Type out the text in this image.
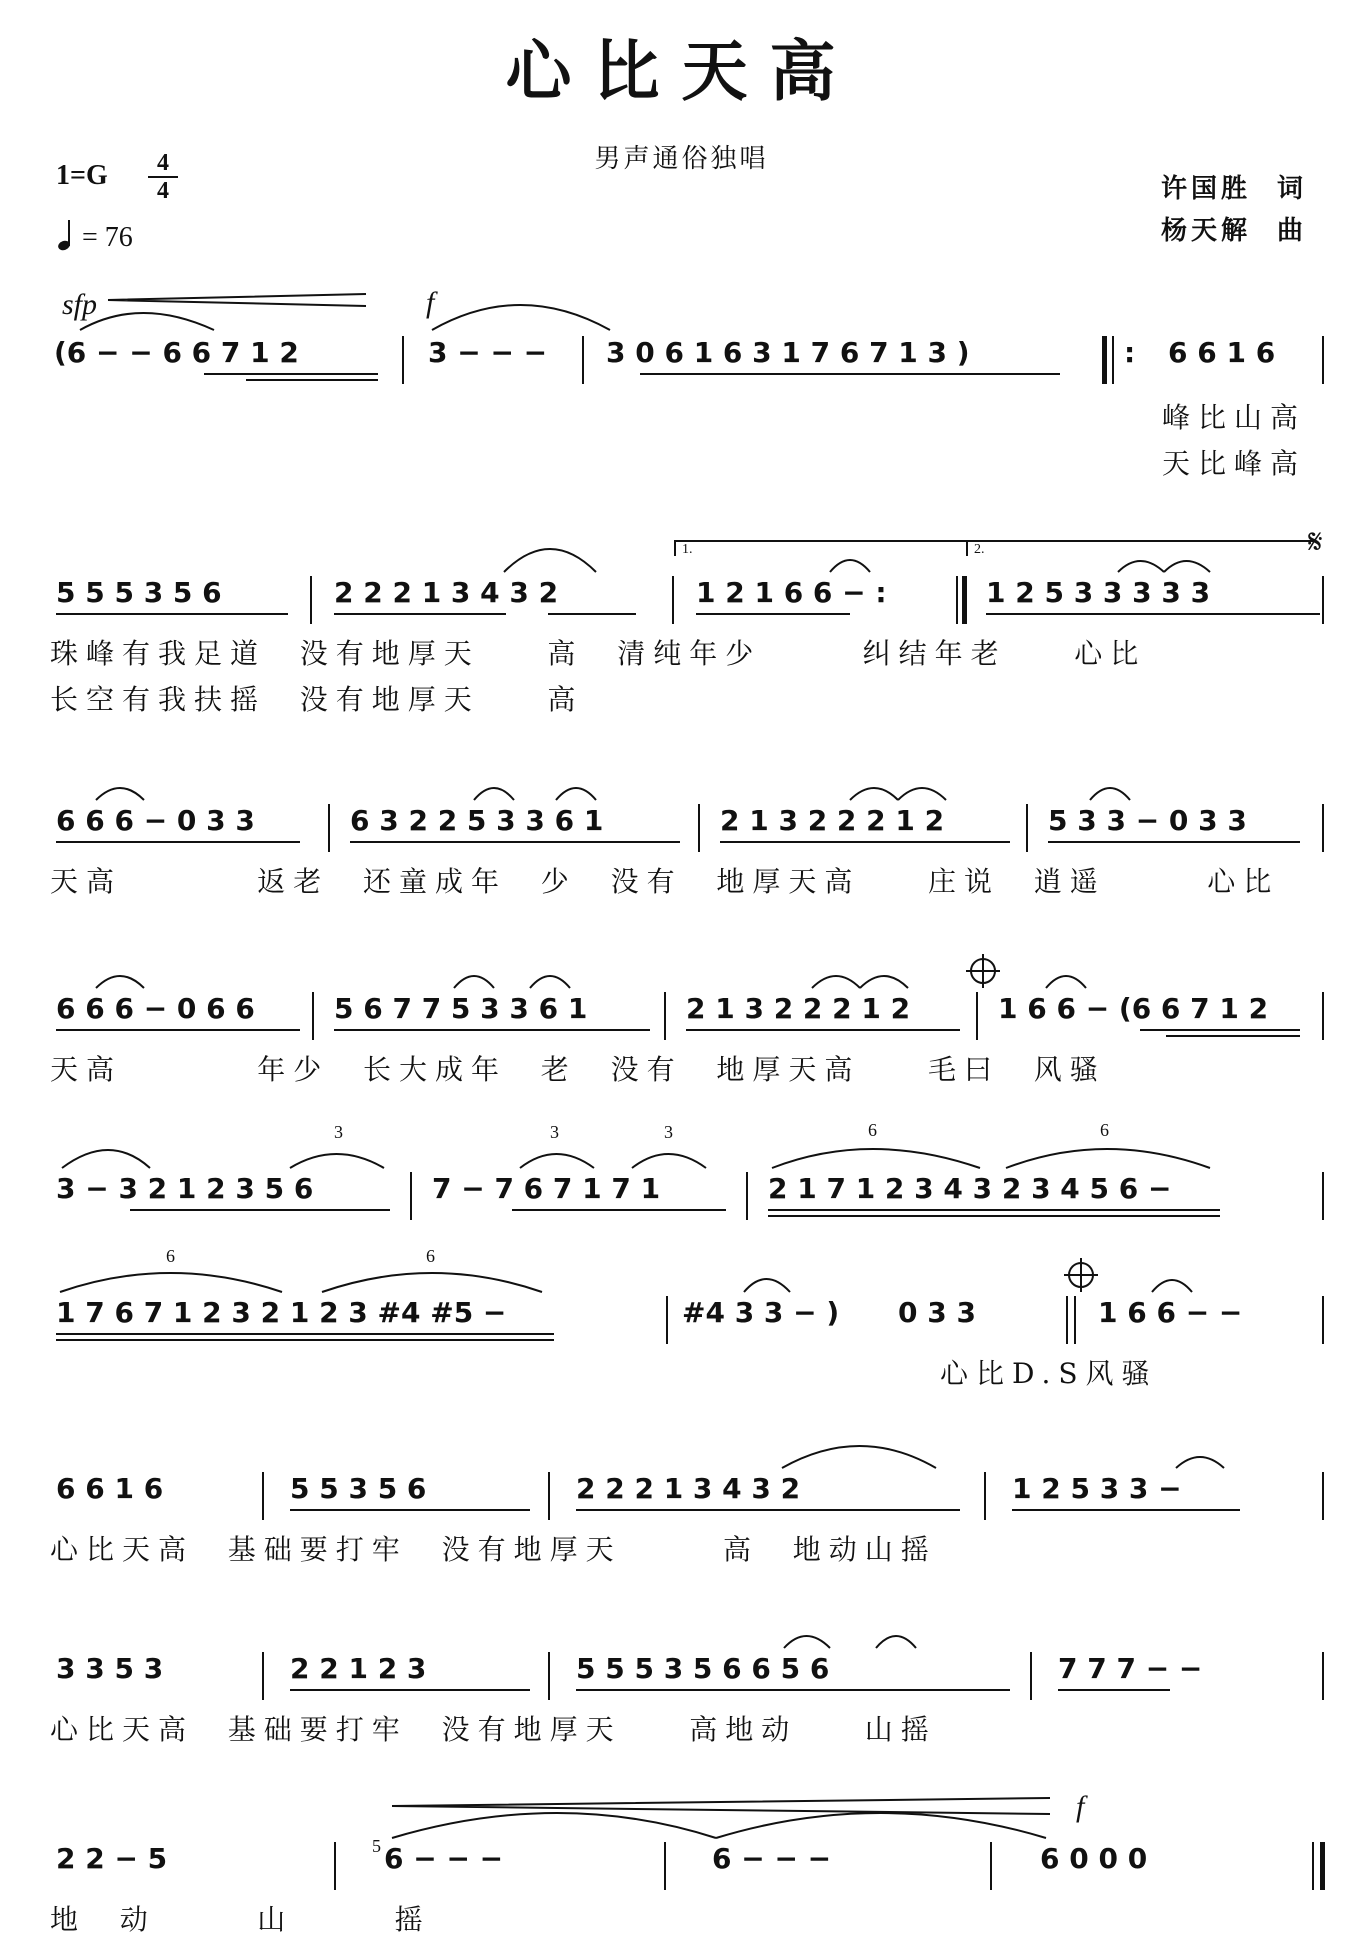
心比天高
男声通俗独唱
1=G	4
4
= 76
许国胜 词
杨天解 曲
sfp	f
𝄋
1.	2.
f
(6 − − 6 6 7 1 2	3 − − − 3 0 6 1 6 3 1 7 6 7 1 3 )	: 6 6 1 6
峰比山高
天比峰高
5 5 5 3 5 6	2 2 2 1 3 4 3 2	1 2 1 6 6 − :	1 2 5 3 3 3 3 3
珠峰有我足道  没有地厚天    高  清纯年少      纠结年老    心比
长空有我扶摇  没有地厚天    高
6 6 6 − 0 3 3	6 3 2 2 5 3 3 6 1	2 1 3 2 2 2 1 2	5 3 3 − 0 3 3
天高        返老  还童成年  少  没有  地厚天高    庄说  逍遥      心比
6 6 6 − 0 6 6	5 6 7 7 5 3 3 6 1	2 1 3 2 2 2 1 2	1 6 6 − (6 6 7 1 2
天高        年少  长大成年  老  没有  地厚天高    毛曰  风骚
3 − 3 2 1 2 3 5 6	7 − 7 6 7 1 7 1	2 1 7 1 2 3 4 3 2 3 4 5 6 −
1 7 6 7 1 2 3 2 1 2 3 #4 #5 −	#4 3 3 − ) 0 3 3	1 6 6 − −
心比D.S风骚
6 6 1 6	5 5 3 5 6	2 2 2 1 3 4 3 2	1 2 5 3 3 −
心比天高  基础要打牢  没有地厚天      高  地动山摇
3 3 5 3	2 2 1 2 3	5 5 5 3 5 6 6 5 6	7 7 7 − −
心比天高  基础要打牢  没有地厚天    高地动    山摇
2 2 − 5	6 − − −	6 − − −	6 0 0 0
地  动      山      摇
3	3	3	6	6
6	6
5
